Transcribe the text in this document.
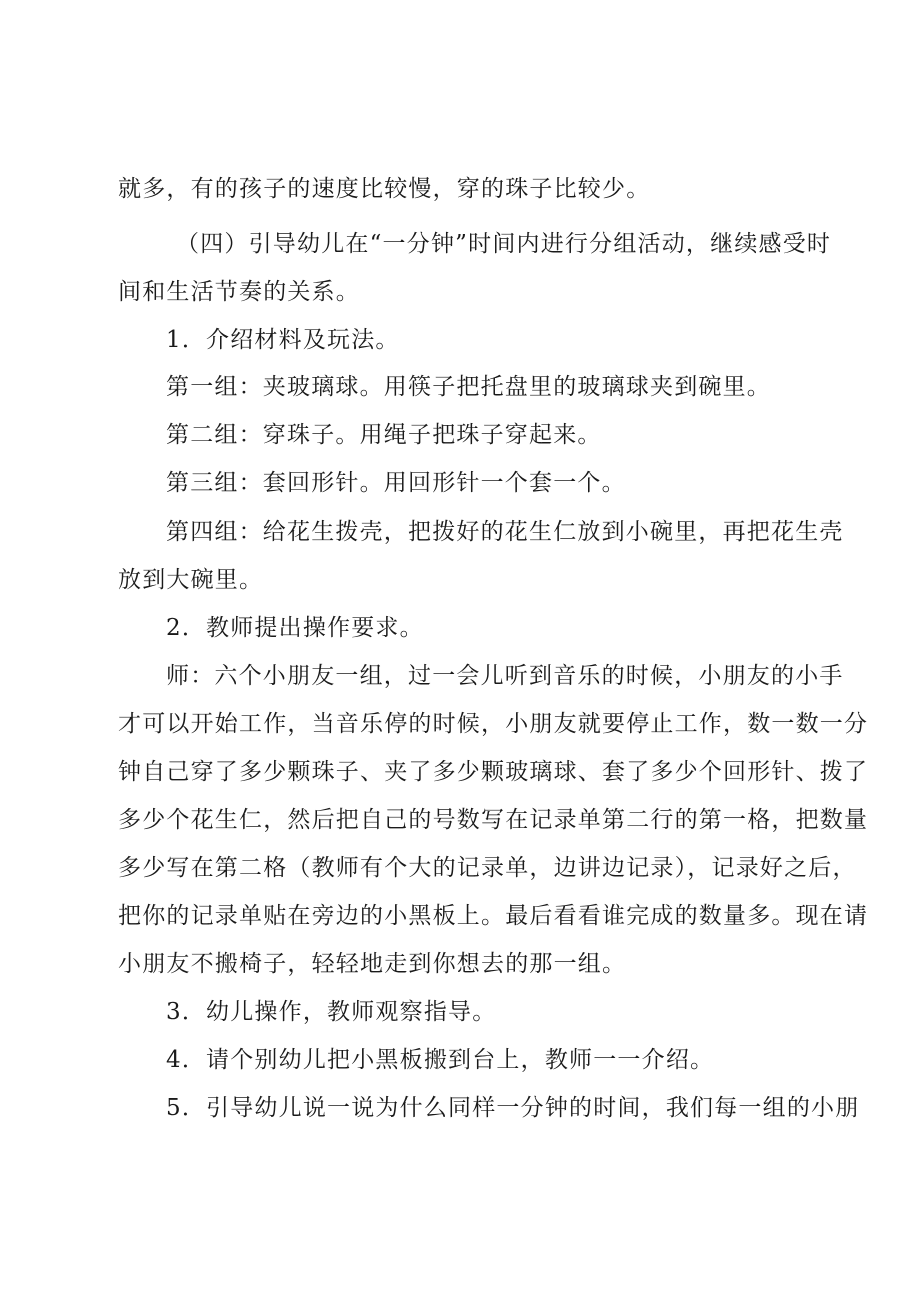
就多，有的孩子的速度比较慢，穿的珠子比较少。
（四）引导幼儿在“一分钟”时间内进行分组活动，继续感受时
间和生活节奏的关系。
1．介绍材料及玩法。
第一组：夹玻璃球。用筷子把托盘里的玻璃球夹到碗里。
第二组：穿珠子。用绳子把珠子穿起来。
第三组：套回形针。用回形针一个套一个。
第四组：给花生拨壳，把拨好的花生仁放到小碗里，再把花生壳
放到大碗里。
2．教师提出操作要求。
师：六个小朋友一组，过一会儿听到音乐的时候，小朋友的小手
才可以开始工作，当音乐停的时候，小朋友就要停止工作，数一数一分
钟自己穿了多少颗珠子、夹了多少颗玻璃球、套了多少个回形针、拨了
多少个花生仁，然后把自己的号数写在记录单第二行的第一格，把数量
多少写在第二格（教师有个大的记录单，边讲边记录），记录好之后，
把你的记录单贴在旁边的小黑板上。最后看看谁完成的数量多。现在请
小朋友不搬椅子，轻轻地走到你想去的那一组。
3．幼儿操作，教师观察指导。
4．请个别幼儿把小黑板搬到台上，教师一一介绍。
5．引导幼儿说一说为什么同样一分钟的时间，我们每一组的小朋
